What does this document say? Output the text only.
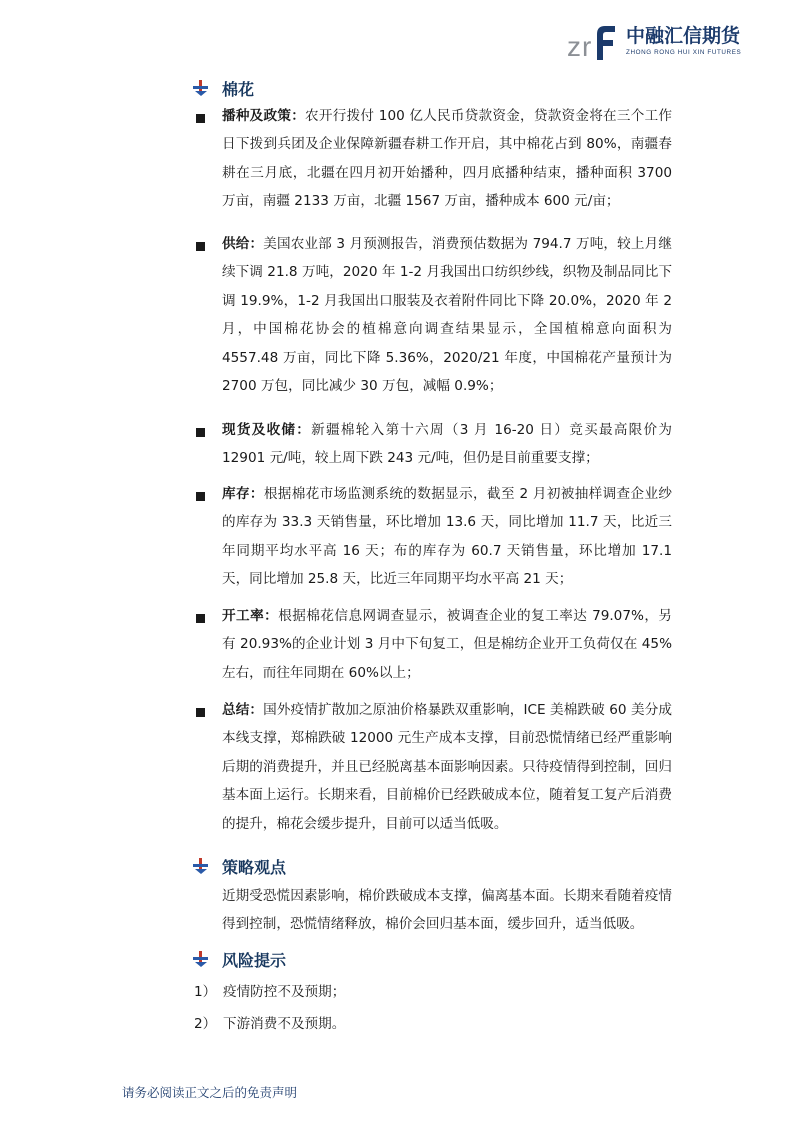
z r 中融汇信期货
ZHONG RONG HUI XIN FUTURES
棉花
播种及政策：农开行拨付 100 亿人民币贷款资金，贷款资金将在三个工作日下拨到兵团及企业保障新疆春耕工作开启，其中棉花占到 80%，南疆春耕在三月底，北疆在四月初开始播种，四月底播种结束，播种面积 3700 万亩，南疆 2133 万亩，北疆 1567 万亩，播种成本 600 元/亩；
供给：美国农业部 3 月预测报告，消费预估数据为 794.7 万吨，较上月继续下调 21.8 万吨，2020 年 1-2 月我国出口纺织纱线，织物及制品同比下调 19.9%，1-2 月我国出口服装及衣着附件同比下降 20.0%，2020 年 2 月，中国棉花协会的植棉意向调查结果显示，全国植棉意向面积为 4557.48 万亩，同比下降 5.36%，2020/21 年度，中国棉花产量预计为 2700 万包，同比减少 30 万包，减幅 0.9%；
现货及收储：新疆棉轮入第十六周（3 月 16-20 日）竞买最高限价为 12901 元/吨，较上周下跌 243 元/吨，但仍是目前重要支撑；
库存：根据棉花市场监测系统的数据显示，截至 2 月初被抽样调查企业纱的库存为 33.3 天销售量，环比增加 13.6 天，同比增加 11.7 天，比近三年同期平均水平高 16 天；布的库存为 60.7 天销售量，环比增加 17.1 天，同比增加 25.8 天，比近三年同期平均水平高 21 天；
开工率：根据棉花信息网调查显示，被调查企业的复工率达 79.07%，另有 20.93%的企业计划 3 月中下旬复工，但是棉纺企业开工负荷仅在 45% 左右，而往年同期在 60%以上；
总结：国外疫情扩散加之原油价格暴跌双重影响，ICE 美棉跌破 60 美分成本线支撑，郑棉跌破 12000 元生产成本支撑，目前恐慌情绪已经严重影响后期的消费提升，并且已经脱离基本面影响因素。只待疫情得到控制，回归基本面上运行。长期来看，目前棉价已经跌破成本位，随着复工复产后消费的提升，棉花会缓步提升，目前可以适当低吸。
策略观点
近期受恐慌因素影响，棉价跌破成本支撑，偏离基本面。长期来看随着疫情得到控制，恐慌情绪释放，棉价会回归基本面，缓步回升，适当低吸。
风险提示
1） 疫情防控不及预期；
2） 下游消费不及预期。
请务必阅读正文之后的免责声明
